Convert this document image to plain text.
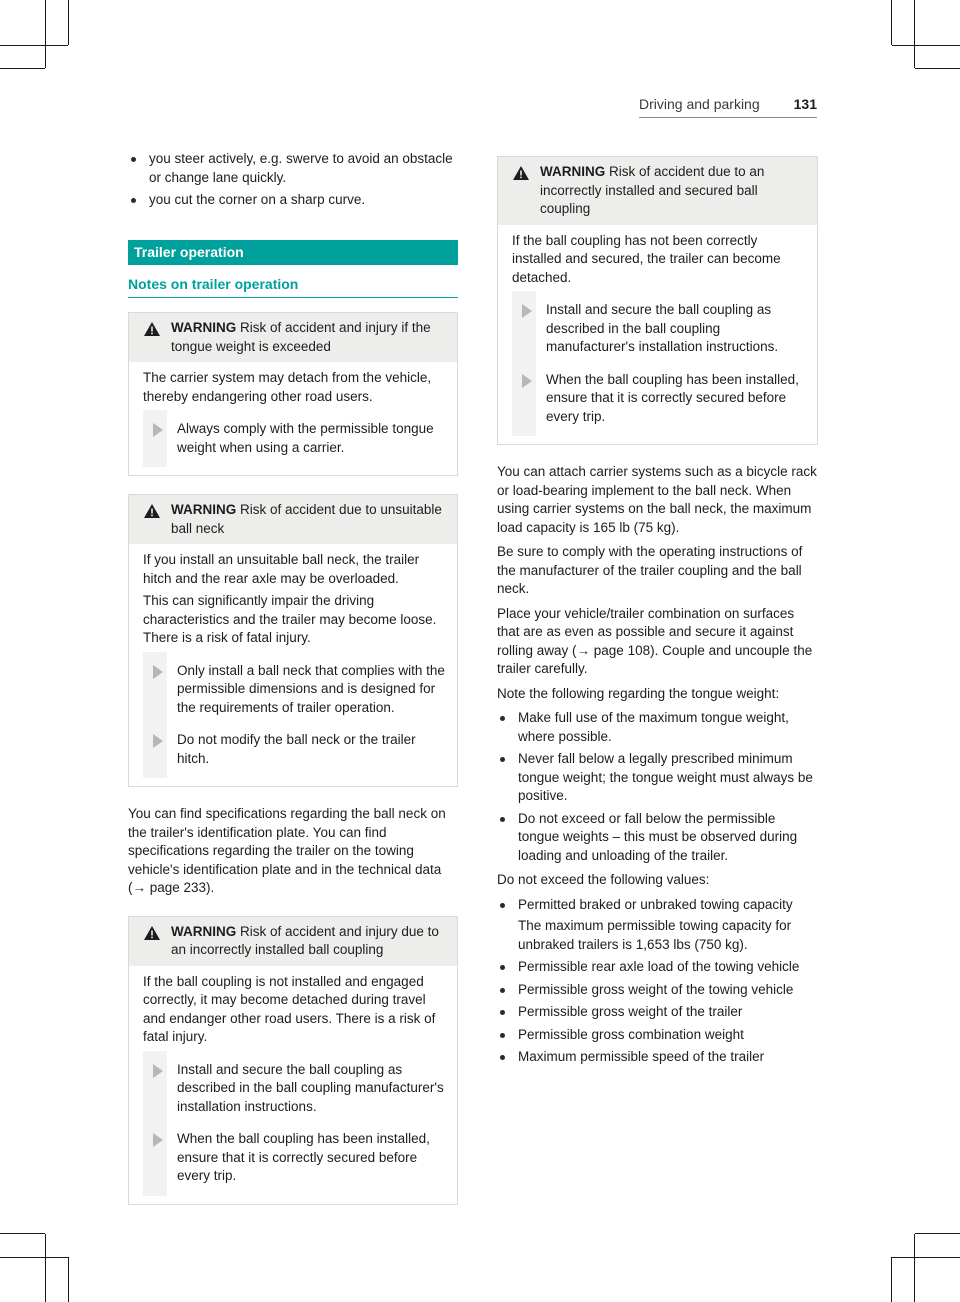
Driving and parking 131
you steer actively, e.g. swerve to avoid an obstacle or change lane quickly.
you cut the corner on a sharp curve.
Trailer operation
Notes on trailer operation
WARNING Risk of accident and injury if the tongue weight is exceeded

The carrier system may detach from the vehicle, thereby endangering other road users.

Always comply with the permissible tongue weight when using a carrier.
WARNING Risk of accident due to unsuitable ball neck

If you install an unsuitable ball neck, the trailer hitch and the rear axle may be overloaded.

This can significantly impair the driving characteristics and the trailer may become loose. There is a risk of fatal injury.

Only install a ball neck that complies with the permissible dimensions and is designed for the requirements of trailer operation.
Do not modify the ball neck or the trailer hitch.

You can find specifications regarding the ball neck on the trailer's identification plate. You can find specifications regarding the trailer on the towing vehicle's identification plate and in the technical data (→ page 233).

WARNING Risk of accident and injury due to an incorrectly installed ball coupling

If the ball coupling is not installed and engaged correctly, it may become detached during travel and endanger other road users. There is a risk of fatal injury.

Install and secure the ball coupling as described in the ball coupling manufacturer's installation instructions.
When the ball coupling has been installed, ensure that it is correctly secured before every trip.
WARNING Risk of accident due to an incorrectly installed and secured ball coupling

If the ball coupling has not been correctly installed and secured, the trailer can become detached.

Install and secure the ball coupling as described in the ball coupling manufacturer's installation instructions.
When the ball coupling has been installed, ensure that it is correctly secured before every trip.

You can attach carrier systems such as a bicycle rack or load-bearing implement to the ball neck. When using carrier systems on the ball neck, the maximum load capacity is 165 lb (75 kg).

Be sure to comply with the operating instructions of the manufacturer of the trailer coupling and the ball neck.

Place your vehicle/trailer combination on surfaces that are as even as possible and secure it against rolling away (→ page 108). Couple and uncouple the trailer carefully.

Note the following regarding the tongue weight:

Make full use of the maximum tongue weight, where possible.
Never fall below a legally prescribed minimum tongue weight; the tongue weight must always be positive.
Do not exceed or fall below the permissible tongue weights – this must be observed during loading and unloading of the trailer.

Do not exceed the following values:

Permitted braked or unbraked towing capacity
The maximum permissible towing capacity for unbraked trailers is 1,653 lbs (750 kg).
Permissible rear axle load of the towing vehicle
Permissible gross weight of the towing vehicle
Permissible gross weight of the trailer
Permissible gross combination weight
Maximum permissible speed of the trailer
